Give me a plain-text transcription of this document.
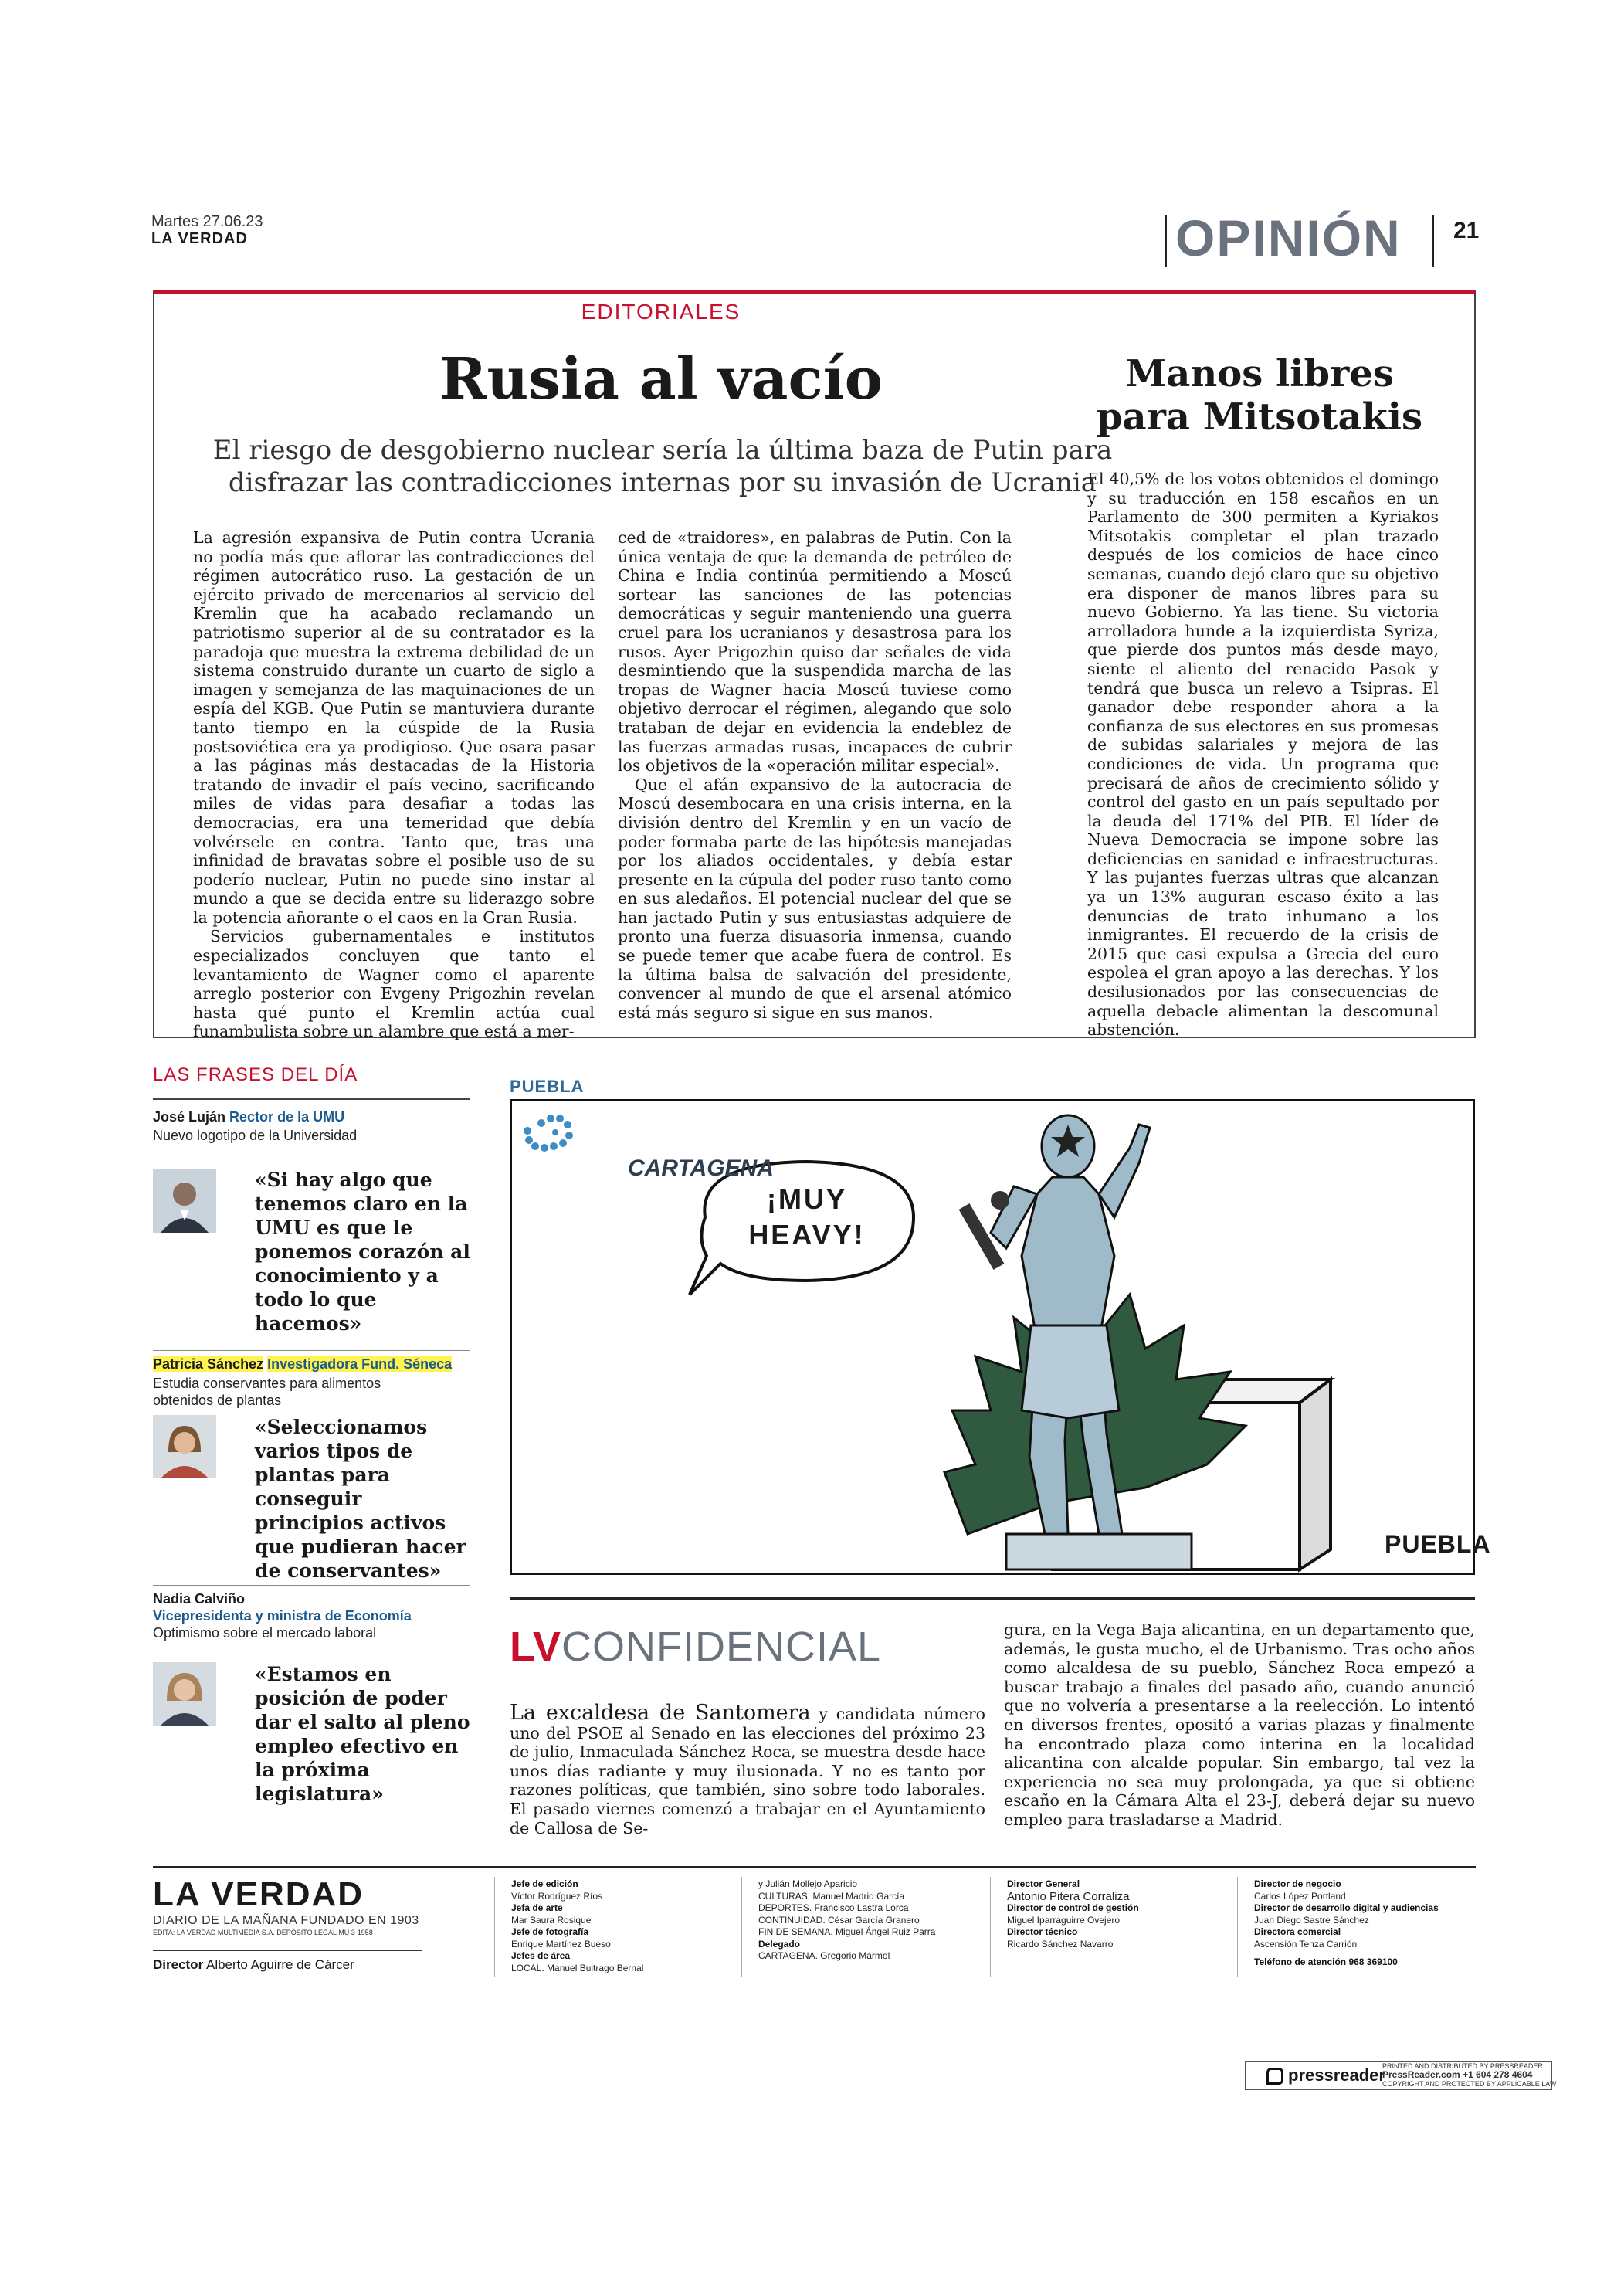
Martes 27.06.23
LA VERDAD	OPINIÓN 21
EDITORIALES
Rusia al vacío
El riesgo de desgobierno nuclear sería la última baza de Putin para disfrazar las contradicciones internas por su invasión de Ucrania

La agresión expansiva de Putin contra Ucrania no podía más que aflorar las contradicciones del régimen autocrático ruso. La gestación de un ejército privado de mercenarios al servicio del Kremlin que ha acabado reclamando un patriotismo superior al de su contratador es la paradoja que muestra la extrema debilidad de un sistema construido durante un cuarto de siglo a imagen y semejanza de las maquinaciones de un espía del KGB. Que Putin se mantuviera durante tanto tiempo en la cúspide de la Rusia postsoviética era ya prodigioso. Que osara pasar a las páginas más destacadas de la Historia tratando de invadir el país vecino, sacrificando miles de vidas para desafiar a todas las democracias, era una temeridad que debía volvérsele en contra. Tanto que, tras una infinidad de bravatas sobre el posible uso de su poderío nuclear, Putin no puede sino instar al mundo a que se decida entre su liderazgo sobre la potencia añorante o el caos en la Gran Rusia.

Servicios gubernamentales e institutos especializados concluyen que tanto el levantamiento de Wagner como el aparente arreglo posterior con Evgeny Prigozhin revelan hasta qué punto el Kremlin actúa cual funambulista sobre un alambre que está a mer-

ced de «traidores», en palabras de Putin. Con la única ventaja de que la demanda de petróleo de China e India continúa permitiendo a Moscú sortear las sanciones de las potencias democráticas y seguir manteniendo una guerra cruel para los ucranianos y desastrosa para los rusos. Ayer Prigozhin quiso dar señales de vida desmintiendo que la suspendida marcha de las tropas de Wagner hacia Moscú tuviese como objetivo derrocar el régimen, alegando que solo trataban de dejar en evidencia la endeblez de las fuerzas armadas rusas, incapaces de cubrir los objetivos de la «operación militar especial».

Que el afán expansivo de la autocracia de Moscú desembocara en una crisis interna, en la división dentro del Kremlin y en un vacío de poder formaba parte de las hipótesis manejadas por los aliados occidentales, y debía estar presente en la cúpula del poder ruso tanto como en sus aledaños. El potencial nuclear del que se han jactado Putin y sus entusiastas adquiere de pronto una fuerza disuasoria inmensa, cuando se puede temer que acabe fuera de control. Es la última balsa de salvación del presidente, convencer al mundo de que el arsenal atómico está más seguro si sigue en sus manos.

Manos libres para Mitsotakis

El 40,5% de los votos obtenidos el domingo y su traducción en 158 escaños en un Parlamento de 300 permiten a Kyriakos Mitsotakis completar el plan trazado después de los comicios de hace cinco semanas, cuando dejó claro que su objetivo era disponer de manos libres para su nuevo Gobierno. Ya las tiene. Su victoria arrolladora hunde a la izquierdista Syriza, que pierde dos puntos más desde mayo, siente el aliento del renacido Pasok y tendrá que busca un relevo a Tsipras. El ganador debe responder ahora a la confianza de sus electores en sus promesas de subidas salariales y mejora de las condiciones de vida. Un programa que precisará de años de crecimiento sólido y control del gasto en un país sepultado por la deuda del 171% del PIB. El líder de Nueva Democracia se impone sobre las deficiencias en sanidad e infraestructuras. Y las pujantes fuerzas ultras que alcanzan ya un 13% auguran escaso éxito a las denuncias de trato inhumano a los inmigrantes. El recuerdo de la crisis de 2015 que casi expulsa a Grecia del euro espolea el gran apoyo a las derechas. Y los desilusionados por las consecuencias de aquella debacle alimentan la descomunal abstención.

LAS FRASES DEL DÍA
José Luján Rector de la UMU
Nuevo logotipo de la Universidad
«Si hay algo que tenemos claro en la UMU es que le ponemos corazón al conocimiento y a todo lo que hacemos»
Patricia Sánchez Investigadora Fund. Séneca
Estudia conservantes para alimentos obtenidos de plantas
«Seleccionamos varios tipos de plantas para conseguir principios activos que pudieran hacer de conservantes»
Nadia Calviño
Vicepresidenta y ministra de Economía
Optimismo sobre el mercado laboral
«Estamos en posición de poder dar el salto al pleno empleo efectivo en la próxima legislatura»
PUEBLA
CARTAGENA
¡MUY HEAVY!
PUEBLA
LVCONFIDENCIAL

La excaldesa de Santomera y candidata número uno del PSOE al Senado en las elecciones del próximo 23 de julio, Inmaculada Sánchez Roca, se muestra desde hace unos días radiante y muy ilusionada. Y no es tanto por razones políticas, que también, sino sobre todo laborales. El pasado viernes comenzó a trabajar en el Ayuntamiento de Callosa de Se-

gura, en la Vega Baja alicantina, en un departamento que, además, le gusta mucho, el de Urbanismo. Tras ocho años como alcaldesa de su pueblo, Sánchez Roca empezó a buscar trabajo a finales del pasado año, cuando anunció que no volvería a presentarse a la reelección. Lo intentó en diversos frentes, opositó a varias plazas y finalmente ha encontrado plaza como interina en la localidad alicantina con alcalde popular. Sin embargo, tal vez la experiencia no sea muy prolongada, ya que si obtiene escaño en la Cámara Alta el 23-J, deberá dejar su nuevo empleo para trasladarse a Madrid.

LA VERDAD
DIARIO DE LA MAÑANA FUNDADO EN 1903
EDITA: LA VERDAD MULTIMEDIA S.A. DEPÓSITO LEGAL MU 3-1958
Director Alberto Aguirre de Cárcer
Jefe de edición
Víctor Rodríguez Ríos
Jefa de arte
Mar Saura Rosique
Jefe de fotografía
Enrique Martínez Bueso
Jefes de área
LOCAL. Manuel Buitrago Bernal
y Julián Mollejo Aparicio
CULTURAS. Manuel Madrid García
DEPORTES. Francisco Lastra Lorca
CONTINUIDAD. César García Granero
FIN DE SEMANA. Miguel Ángel Ruiz Parra
Delegado
CARTAGENA. Gregorio Mármol
Director General
Antonio Pitera Corraliza
Director de control de gestión
Miguel Iparraguirre Ovejero
Director técnico
Ricardo Sánchez Navarro
Director de negocio
Carlos López Portland
Director de desarrollo digital y audiencias
Juan Diego Sastre Sánchez
Directora comercial
Ascensión Tenza Carrión
Teléfono de atención 968 369100
pressreader
PRINTED AND DISTRIBUTED BY PRESSREADER
PressReader.com +1 604 278 4604
COPYRIGHT AND PROTECTED BY APPLICABLE LAW
